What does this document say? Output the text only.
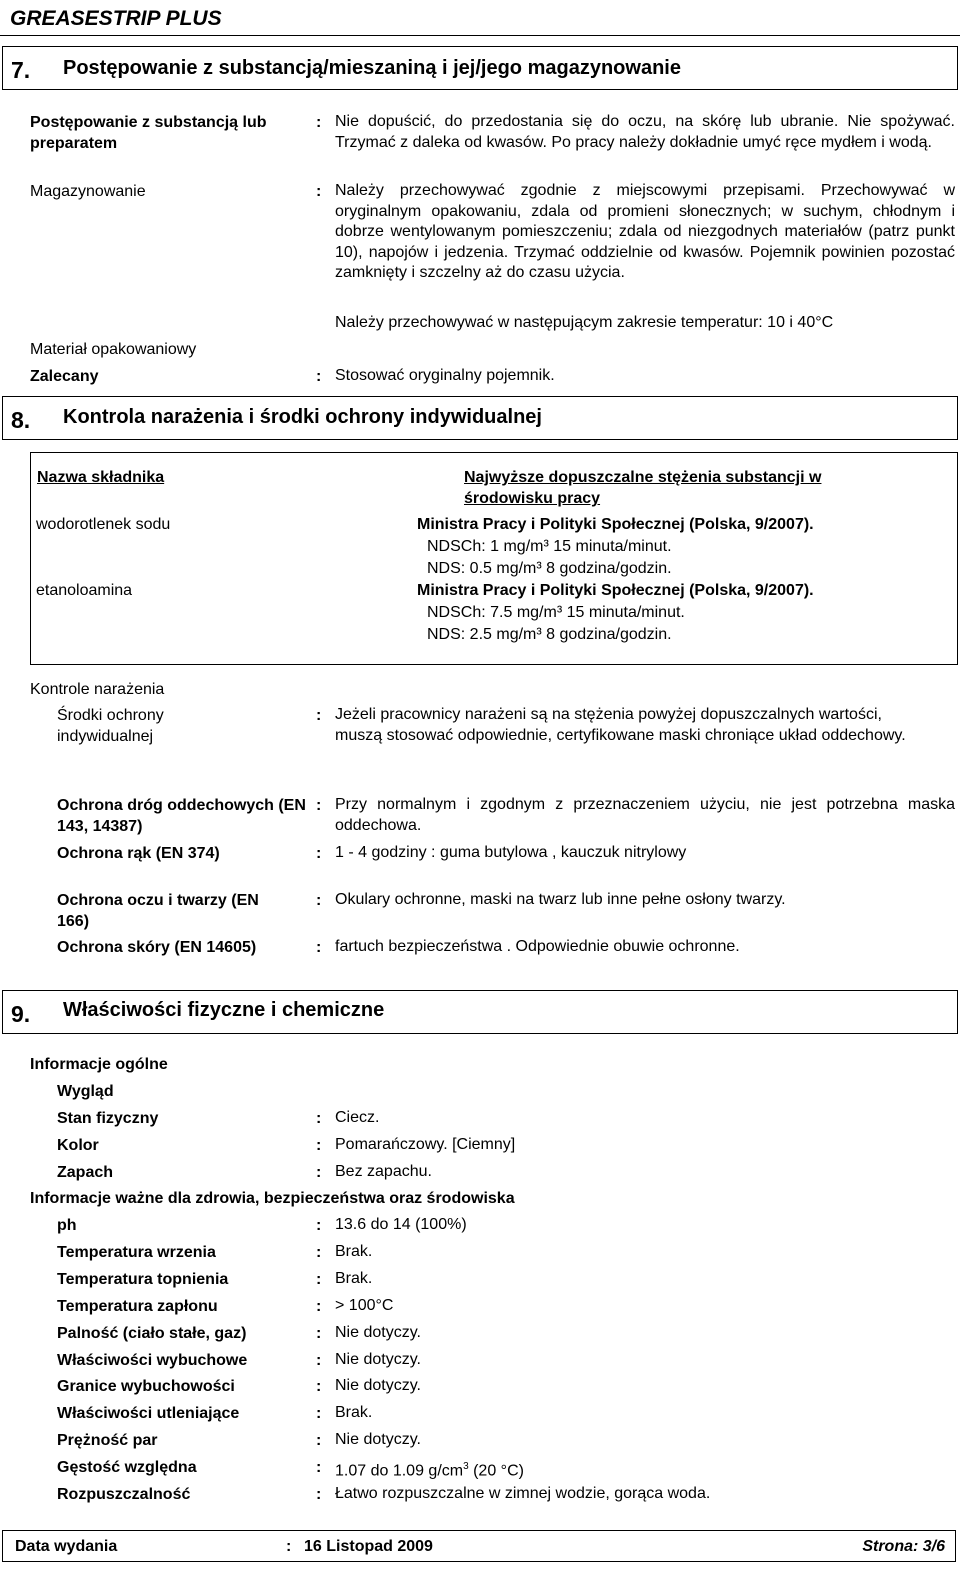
GREASESTRIP PLUS
7. Postępowanie z substancją/mieszaniną i jej/jego magazynowanie
Postępowanie z substancją lub preparatem
: Nie dopuścić, do przedostania się do oczu, na skórę lub ubranie. Nie spożywać. Trzymać z daleka od kwasów. Po pracy należy dokładnie umyć ręce mydłem i wodą.
Magazynowanie	: Należy przechowywać zgodnie z miejscowymi przepisami. Przechowywać w oryginalnym opakowaniu, zdala od promieni słonecznych; w suchym, chłodnym i dobrze wentylowanym pomieszczeniu; zdala od niezgodnych materiałów (patrz punkt 10), napojów i jedzenia. Trzymać oddzielnie od kwasów. Pojemnik powinien pozostać zamknięty i szczelny aż do czasu użycia.
Należy przechowywać w następującym zakresie temperatur: 10 i 40°C
Materiał opakowaniowy
Zalecany	: Stosować oryginalny pojemnik.
8. Kontrola narażenia i środki ochrony indywidualnej
Nazwa składnika	Najwyższe dopuszczalne stężenia substancji w środowisku pracy
wodorotlenek sodu	Ministra Pracy i Polityki Społecznej (Polska, 9/2007).
NDSCh: 1 mg/m³ 15 minuta/minut.
NDS: 0.5 mg/m³ 8 godzina/godzin.
etanoloamina	Ministra Pracy i Polityki Społecznej (Polska, 9/2007).
NDSCh: 7.5 mg/m³ 15 minuta/minut.
NDS: 2.5 mg/m³ 8 godzina/godzin.
Kontrole narażenia
Środki ochrony indywidualnej
: Jeżeli pracownicy narażeni są na stężenia powyżej dopuszczalnych wartości,

muszą stosować odpowiednie, certyfikowane maski chroniące układ oddechowy.

Ochrona dróg oddechowych (EN 143, 14387)
: Przy normalnym i zgodnym z przeznaczeniem użyciu, nie jest potrzebna maska oddechowa.
Ochrona rąk (EN 374)	: 1 - 4 godziny : guma butylowa , kauczuk nitrylowy
Ochrona oczu i twarzy (EN 166)
: Okulary ochronne, maski na twarz lub inne pełne osłony twarzy.
Ochrona skóry (EN 14605)	: fartuch bezpieczeństwa . Odpowiednie obuwie ochronne.
9. Właściwości fizyczne i chemiczne
Informacje ogólne
Wygląd
Stan fizyczny	: Ciecz.
Kolor	: Pomarańczowy. [Ciemny]
Zapach	: Bez zapachu.
Informacje ważne dla zdrowia, bezpieczeństwa oraz środowiska
ph	: 13.6 do 14 (100%)
Temperatura wrzenia	: Brak.
Temperatura topnienia	: Brak.
Temperatura zapłonu	: > 100°C
Palność (ciało stałe, gaz)	: Nie dotyczy.
Właściwości wybuchowe	: Nie dotyczy.
Granice wybuchowości	: Nie dotyczy.
Właściwości utleniające	: Brak.
Prężność par	: Nie dotyczy.
Gęstość względna	: 1.07 do 1.09 $g/cm^3$ (20 °C)
Rozpuszczalność	: Łatwo rozpuszczalne w zimnej wodzie, gorąca woda.
Data wydania	: 16 Listopad 2009	Strona: 3/6
